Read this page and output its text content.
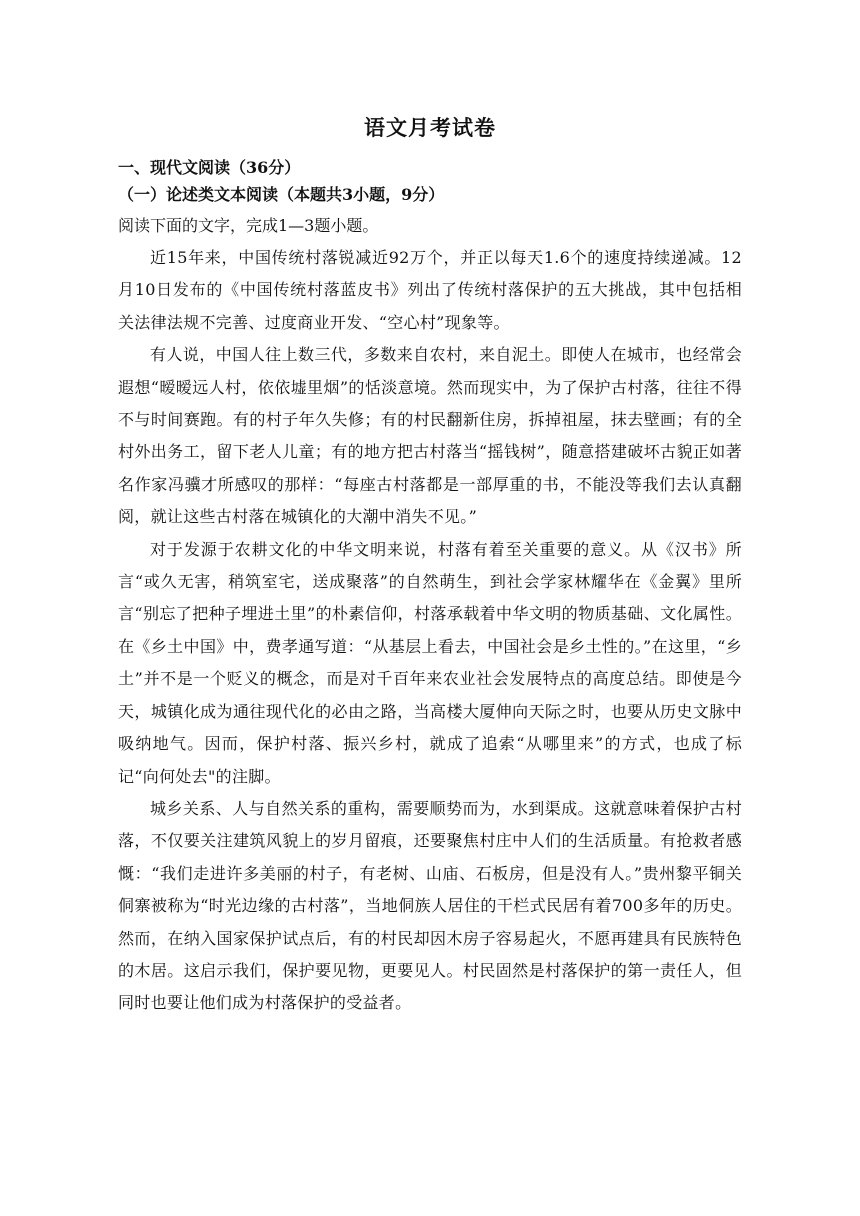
语文月考试卷

一、现代文阅读（36分）

（一）论述类文本阅读（本题共3小题，9分）

阅读下面的文字，完成1—3题小题。

近15年来，中国传统村落锐减近92万个，并正以每天1.6个的速度持续递减。12月10日发布的《中国传统村落蓝皮书》列出了传统村落保护的五大挑战，其中包括相关法律法规不完善、过度商业开发、“空心村”现象等。

有人说，中国人往上数三代，多数来自农村，来自泥土。即使人在城市，也经常会遐想“暧暧远人村，依依墟里烟”的恬淡意境。然而现实中，为了保护古村落，往往不得不与时间赛跑。有的村子年久失修；有的村民翻新住房，拆掉祖屋，抹去壁画；有的全村外出务工，留下老人儿童；有的地方把古村落当“摇钱树”，随意搭建破坏古貌正如著名作家冯骥才所感叹的那样：“每座古村落都是一部厚重的书，不能没等我们去认真翻阅，就让这些古村落在城镇化的大潮中消失不见。”

对于发源于农耕文化的中华文明来说，村落有着至关重要的意义。从《汉书》所言“或久无害，稍筑室宅，送成聚落”的自然萌生，到社会学家林耀华在《金翼》里所言“别忘了把种子埋进土里”的朴素信仰，村落承载着中华文明的物质基础、文化属性。在《乡土中国》中，费孝通写道：“从基层上看去，中国社会是乡土性的。”在这里，“乡土”并不是一个贬义的概念，而是对千百年来农业社会发展特点的高度总结。即使是今天，城镇化成为通往现代化的必由之路，当高楼大厦伸向天际之时，也要从历史文脉中吸纳地气。因而，保护村落、振兴乡村，就成了追索“从哪里来”的方式，也成了标记“向何处去"的注脚。

城乡关系、人与自然关系的重构，需要顺势而为，水到渠成。这就意味着保护古村落，不仅要关注建筑风貌上的岁月留痕，还要聚焦村庄中人们的生活质量。有抢救者感慨：“我们走进许多美丽的村子，有老树、山庙、石板房，但是没有人。”贵州黎平铜关侗寨被称为“时光边缘的古村落”，当地侗族人居住的干栏式民居有着700多年的历史。然而，在纳入国家保护试点后，有的村民却因木房子容易起火，不愿再建具有民族特色的木居。这启示我们，保护要见物，更要见人。村民固然是村落保护的第一责任人，但同时也要让他们成为村落保护的受益者。
